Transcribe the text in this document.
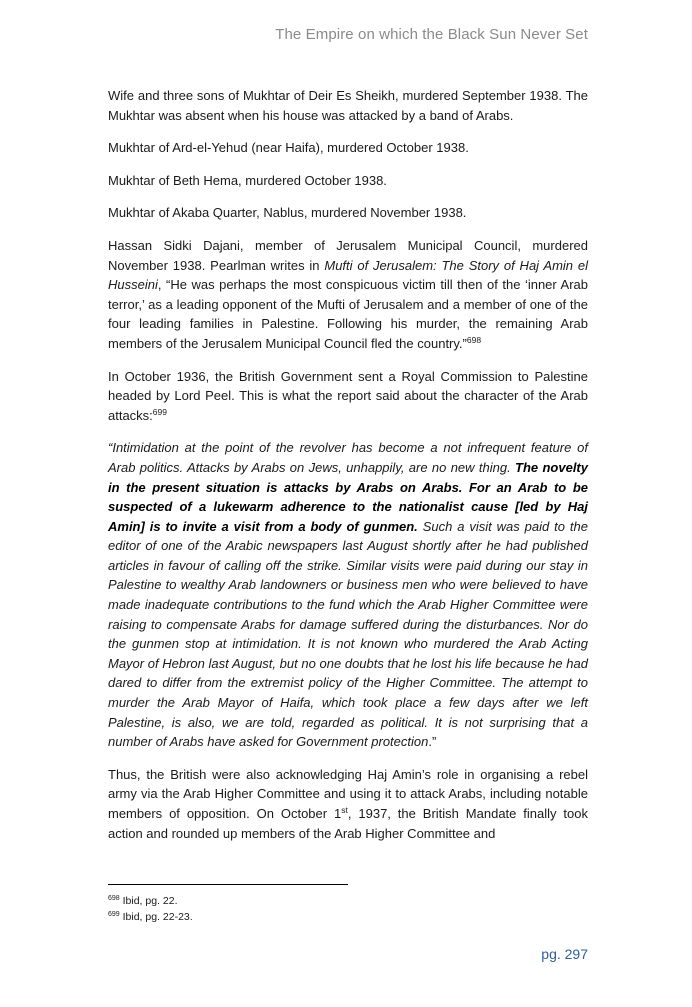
The Empire on which the Black Sun Never Set

Wife and three sons of Mukhtar of Deir Es Sheikh, murdered September 1938. The Mukhtar was absent when his house was attacked by a band of Arabs.

Mukhtar of Ard-el-Yehud (near Haifa), murdered October 1938.

Mukhtar of Beth Hema, murdered October 1938.

Mukhtar of Akaba Quarter, Nablus, murdered November 1938.

Hassan Sidki Dajani, member of Jerusalem Municipal Council, murdered November 1938. Pearlman writes in Mufti of Jerusalem: The Story of Haj Amin el Husseini, “He was perhaps the most conspicuous victim till then of the ‘inner Arab terror,’ as a leading opponent of the Mufti of Jerusalem and a member of one of the four leading families in Palestine. Following his murder, the remaining Arab members of the Jerusalem Municipal Council fled the country.”$^{698}$

In October 1936, the British Government sent a Royal Commission to Palestine headed by Lord Peel. This is what the report said about the character of the Arab attacks:$^{699}$

“Intimidation at the point of the revolver has become a not infrequent feature of Arab politics. Attacks by Arabs on Jews, unhappily, are no new thing. The novelty in the present situation is attacks by Arabs on Arabs. For an Arab to be suspected of a lukewarm adherence to the nationalist cause [led by Haj Amin] is to invite a visit from a body of gunmen. Such a visit was paid to the editor of one of the Arabic newspapers last August shortly after he had published articles in favour of calling off the strike. Similar visits were paid during our stay in Palestine to wealthy Arab landowners or business men who were believed to have made inadequate contributions to the fund which the Arab Higher Committee were raising to compensate Arabs for damage suffered during the disturbances. Nor do the gunmen stop at intimidation. It is not known who murdered the Arab Acting Mayor of Hebron last August, but no one doubts that he lost his life because he had dared to differ from the extremist policy of the Higher Committee. The attempt to murder the Arab Mayor of Haifa, which took place a few days after we left Palestine, is also, we are told, regarded as political. It is not surprising that a number of Arabs have asked for Government protection.”

Thus, the British were also acknowledging Haj Amin’s role in organising a rebel army via the Arab Higher Committee and using it to attack Arabs, including notable members of opposition. On October 1st, 1937, the British Mandate finally took action and rounded up members of the Arab Higher Committee and

$^{698}$ Ibid, pg. 22.
$^{699}$ Ibid, pg. 22-23.
pg. 297
